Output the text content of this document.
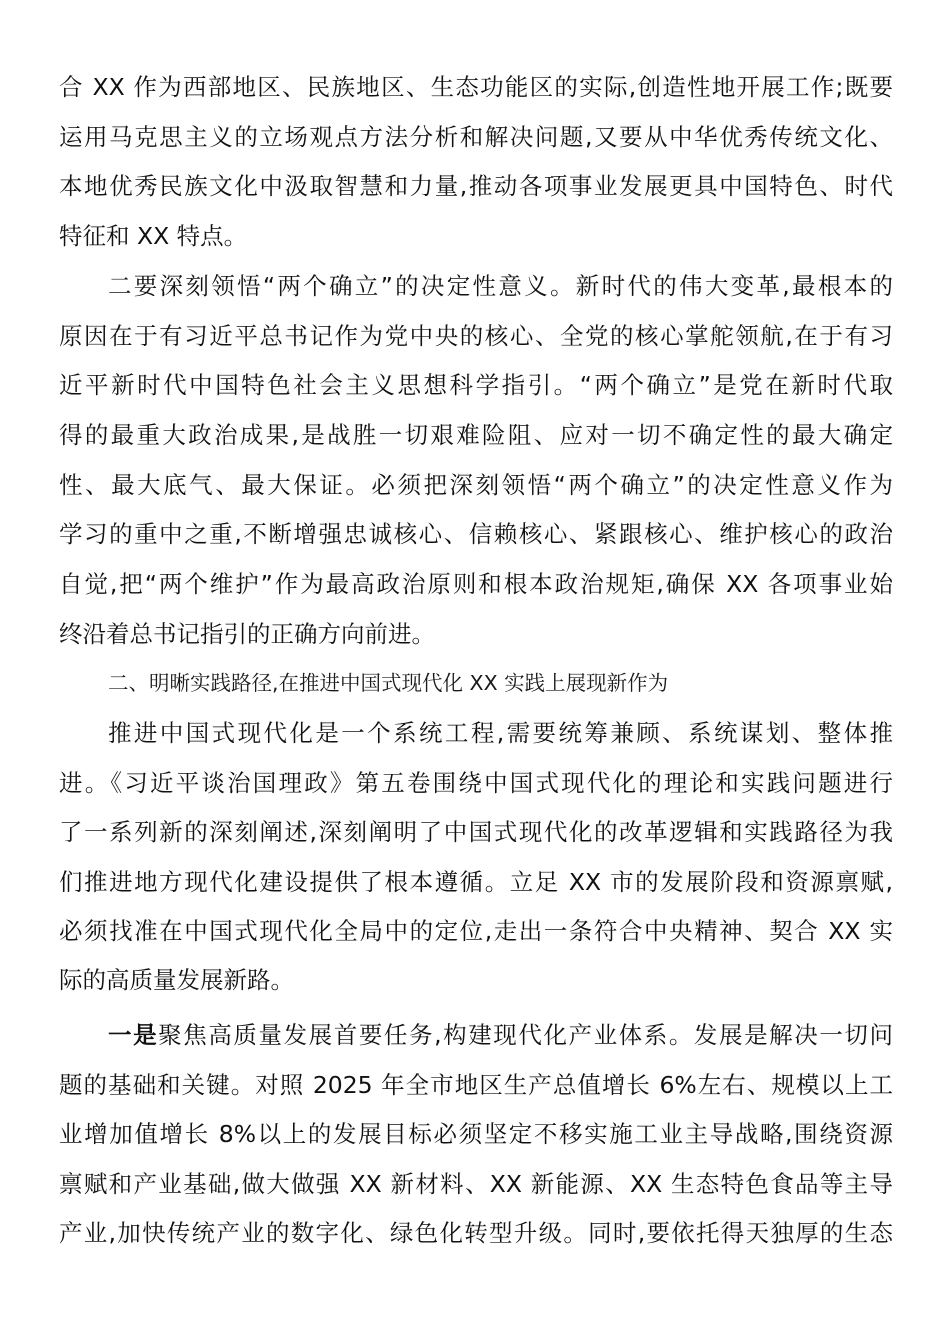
合 XX 作为西部地区、民族地区、生态功能区的实际,创造性地开展工作;既要
运用马克思主义的立场观点方法分析和解决问题,又要从中华优秀传统文化、
本地优秀民族文化中汲取智慧和力量,推动各项事业发展更具中国特色、时代
特征和 XX 特点。
二要深刻领悟“两个确立”的决定性意义。新时代的伟大变革,最根本的
原因在于有习近平总书记作为党中央的核心、全党的核心掌舵领航,在于有习
近平新时代中国特色社会主义思想科学指引。“两个确立”是党在新时代取
得的最重大政治成果,是战胜一切艰难险阻、应对一切不确定性的最大确定
性、最大底气、最大保证。必须把深刻领悟“两个确立”的决定性意义作为
学习的重中之重,不断增强忠诚核心、信赖核心、紧跟核心、维护核心的政治
自觉,把“两个维护”作为最高政治原则和根本政治规矩,确保 XX 各项事业始
终沿着总书记指引的正确方向前进。
二、明晰实践路径,在推进中国式现代化 XX 实践上展现新作为
推进中国式现代化是一个系统工程,需要统筹兼顾、系统谋划、整体推
进。《习近平谈治国理政》第五卷围绕中国式现代化的理论和实践问题进行
了一系列新的深刻阐述,深刻阐明了中国式现代化的改革逻辑和实践路径为我
们推进地方现代化建设提供了根本遵循。立足 XX 市的发展阶段和资源禀赋,
必须找准在中国式现代化全局中的定位,走出一条符合中央精神、契合 XX 实
际的高质量发展新路。
一是聚焦高质量发展首要任务,构建现代化产业体系。发展是解决一切问
题的基础和关键。对照 2025 年全市地区生产总值增长 6%左右、规模以上工
业增加值增长 8%以上的发展目标必须坚定不移实施工业主导战略,围绕资源
禀赋和产业基础,做大做强 XX 新材料、XX 新能源、XX 生态特色食品等主导
产业,加快传统产业的数字化、绿色化转型升级。同时,要依托得天独厚的生态
